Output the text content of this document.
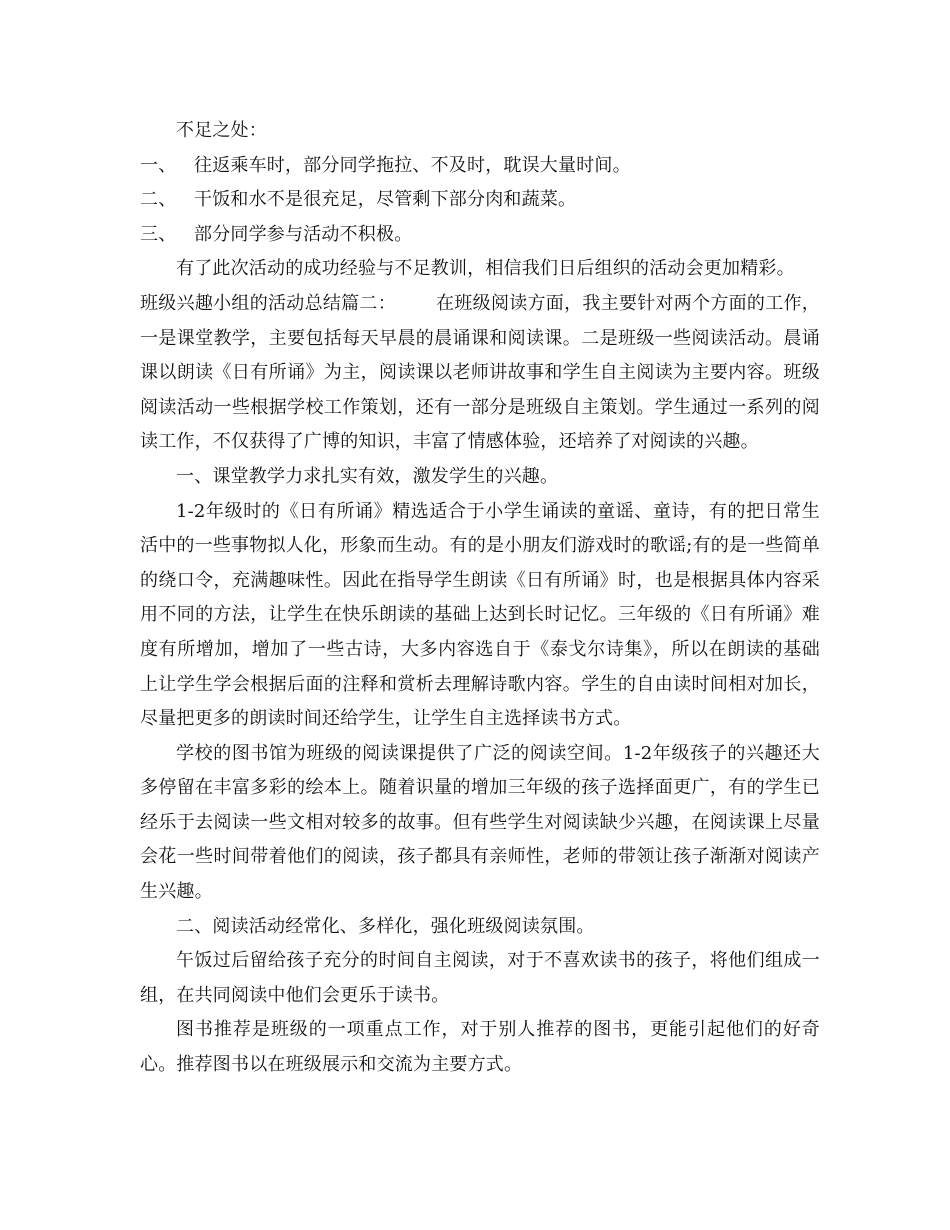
不足之处：

一、 往返乘车时，部分同学拖拉、不及时，耽误大量时间。

二、 干饭和水不是很充足，尽管剩下部分肉和蔬菜。

三、 部分同学参与活动不积极。

有了此次活动的成功经验与不足教训，相信我们日后组织的活动会更加精彩。

班级兴趣小组的活动总结篇二： 在班级阅读方面，我主要针对两个方面的工作，一是课堂教学，主要包括每天早晨的晨诵课和阅读课。二是班级一些阅读活动。晨诵课以朗读《日有所诵》为主，阅读课以老师讲故事和学生自主阅读为主要内容。班级阅读活动一些根据学校工作策划，还有一部分是班级自主策划。学生通过一系列的阅读工作，不仅获得了广博的知识，丰富了情感体验，还培养了对阅读的兴趣。

一、课堂教学力求扎实有效，激发学生的兴趣。

1-2年级时的《日有所诵》精选适合于小学生诵读的童谣、童诗，有的把日常生活中的一些事物拟人化，形象而生动。有的是小朋友们游戏时的歌谣;有的是一些简单的绕口令，充满趣味性。因此在指导学生朗读《日有所诵》时，也是根据具体内容采用不同的方法，让学生在快乐朗读的基础上达到长时记忆。三年级的《日有所诵》难度有所增加，增加了一些古诗，大多内容选自于《泰戈尔诗集》，所以在朗读的基础上让学生学会根据后面的注释和赏析去理解诗歌内容。学生的自由读时间相对加长，尽量把更多的朗读时间还给学生，让学生自主选择读书方式。

学校的图书馆为班级的阅读课提供了广泛的阅读空间。1-2年级孩子的兴趣还大多停留在丰富多彩的绘本上。随着识量的增加三年级的孩子选择面更广，有的学生已经乐于去阅读一些文相对较多的故事。但有些学生对阅读缺少兴趣，在阅读课上尽量会花一些时间带着他们的阅读，孩子都具有亲师性，老师的带领让孩子渐渐对阅读产生兴趣。

二、阅读活动经常化、多样化，强化班级阅读氛围。

午饭过后留给孩子充分的时间自主阅读，对于不喜欢读书的孩子，将他们组成一组，在共同阅读中他们会更乐于读书。

图书推荐是班级的一项重点工作，对于别人推荐的图书，更能引起他们的好奇心。推荐图书以在班级展示和交流为主要方式。
